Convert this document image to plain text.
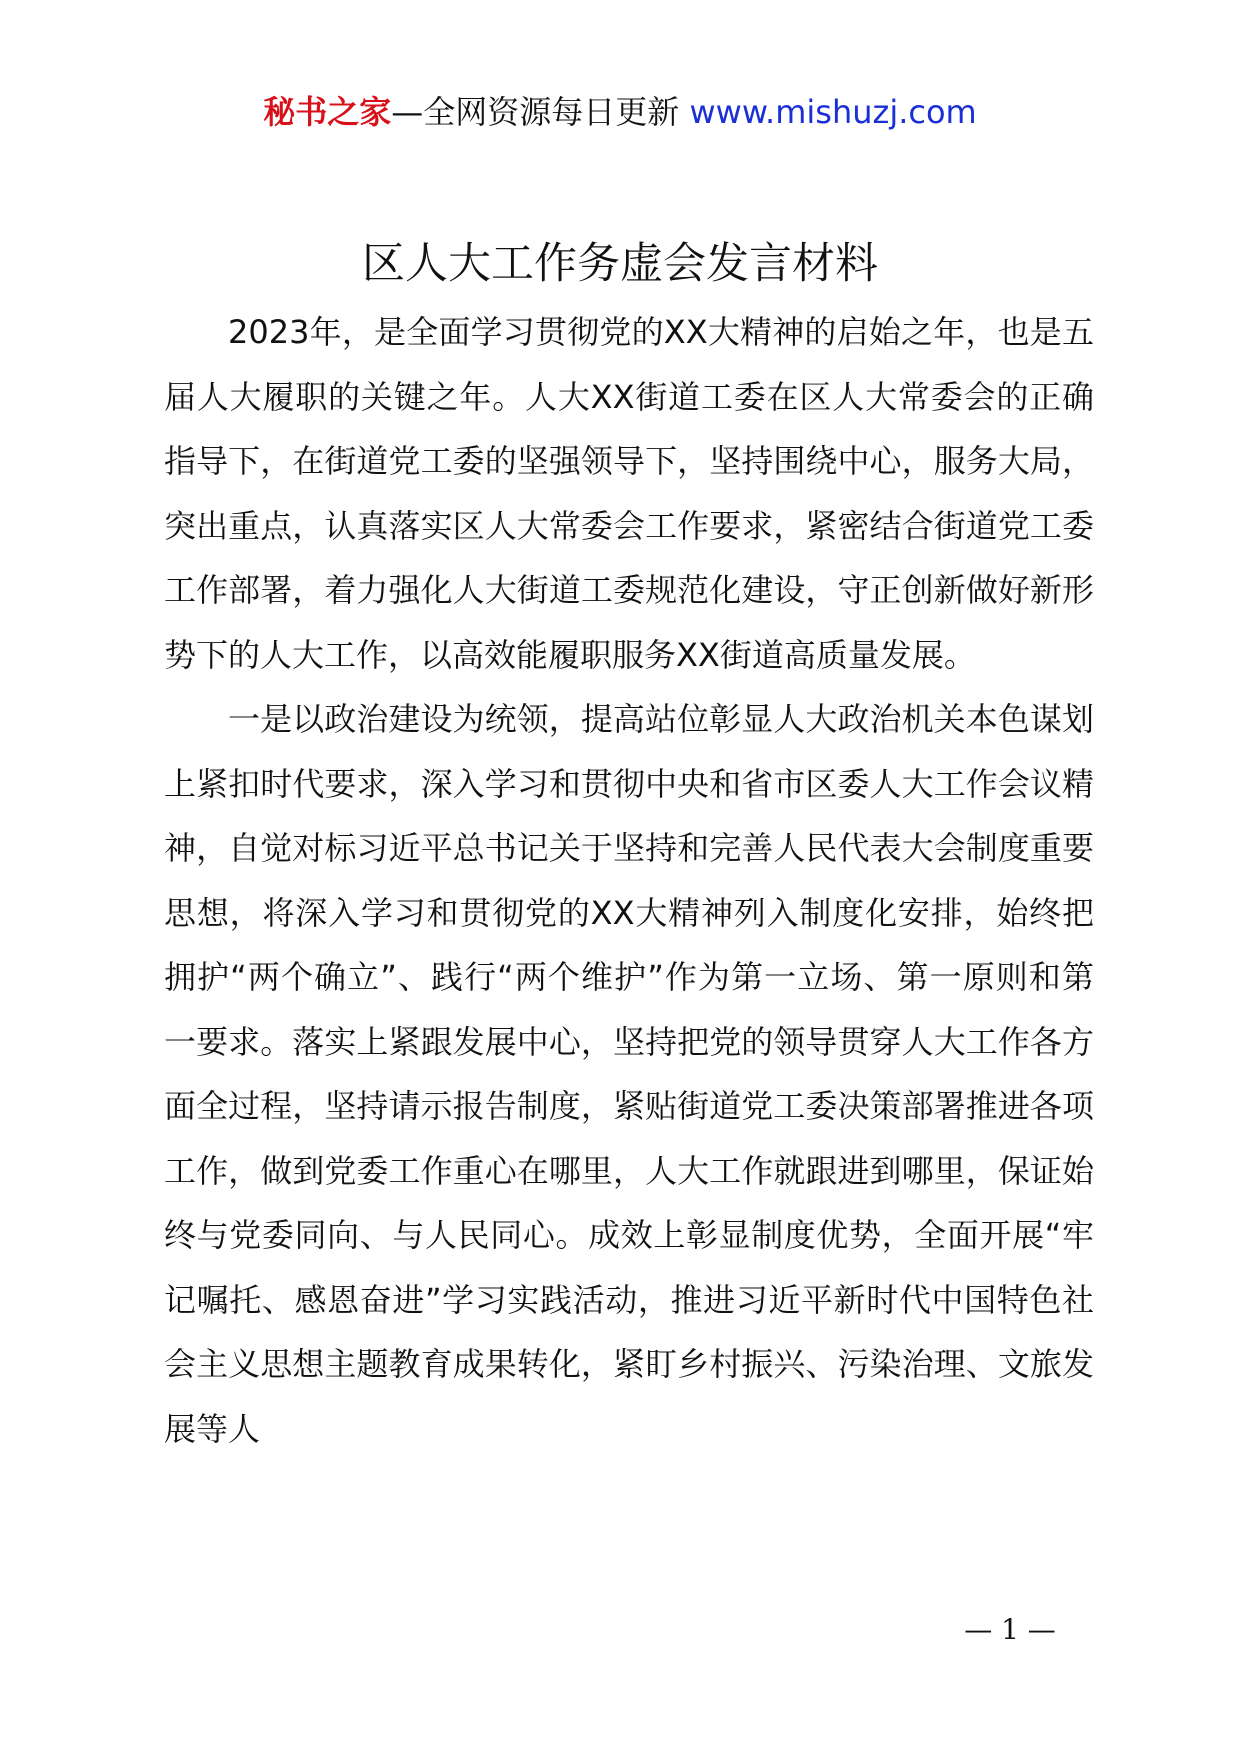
秘书之家—全网资源每日更新 www.mishuzj.com
区人大工作务虚会发言材料

2023年，是全面学习贯彻党的XX大精神的启始之年，也是五届人大履职的关键之年。人大XX街道工委在区人大常委会的正确指导下，在街道党工委的坚强领导下，坚持围绕中心，服务大局，突出重点，认真落实区人大常委会工作要求，紧密结合街道党工委工作部署，着力强化人大街道工委规范化建设，守正创新做好新形势下的人大工作，以高效能履职服务XX街道高质量发展。

一是以政治建设为统领，提高站位彰显人大政治机关本色谋划上紧扣时代要求，深入学习和贯彻中央和省市区委人大工作会议精神，自觉对标习近平总书记关于坚持和完善人民代表大会制度重要思想，将深入学习和贯彻党的XX大精神列入制度化安排，始终把拥护“两个确立”、践行“两个维护”作为第一立场、第一原则和第一要求。落实上紧跟发展中心，坚持把党的领导贯穿人大工作各方面全过程，坚持请示报告制度，紧贴街道党工委决策部署推进各项工作，做到党委工作重心在哪里，人大工作就跟进到哪里，保证始终与党委同向、与人民同心。成效上彰显制度优势，全面开展“牢记嘱托、感恩奋进”学习实践活动，推进习近平新时代中国特色社会主义思想主题教育成果转化，紧盯乡村振兴、污染治理、文旅发展等人

— 1 —
